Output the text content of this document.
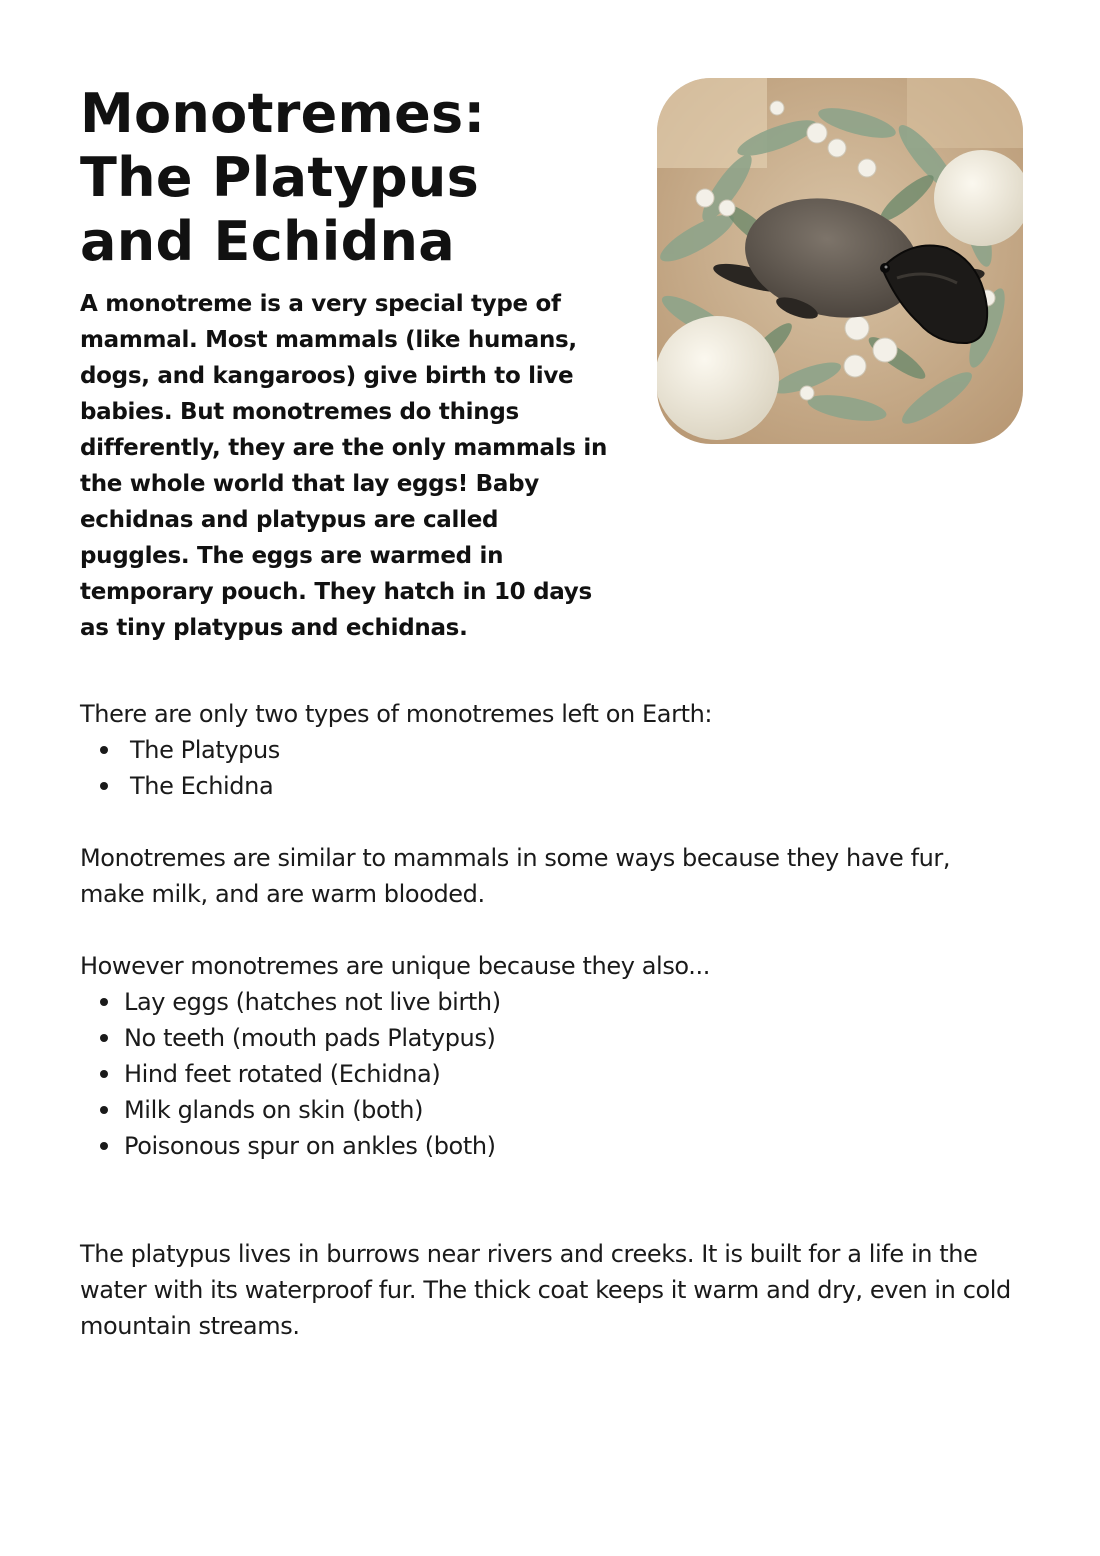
Monotremes:
The Platypus
and Echidna

A monotreme is a very special type of mammal. Most mammals (like humans, dogs, and kangaroos) give birth to live babies. But monotremes do things differently, they are the only mammals in the whole world that lay eggs! Baby echidnas and platypus are called puggles. The eggs are warmed in temporary pouch. They hatch in 10 days as tiny platypus and echidnas.

There are only two types of monotremes left on Earth:

The Platypus
The Echidna

Monotremes are similar to mammals in some ways because they have fur, make milk, and are warm blooded.

However monotremes are unique because they also...

Lay eggs (hatches not live birth)
No teeth (mouth pads Platypus)
Hind feet rotated (Echidna)
Milk glands on skin (both)
Poisonous spur on ankles (both)

The platypus lives in burrows near rivers and creeks. It is built for a life in the water with its waterproof fur. The thick coat keeps it warm and dry, even in cold mountain streams.
